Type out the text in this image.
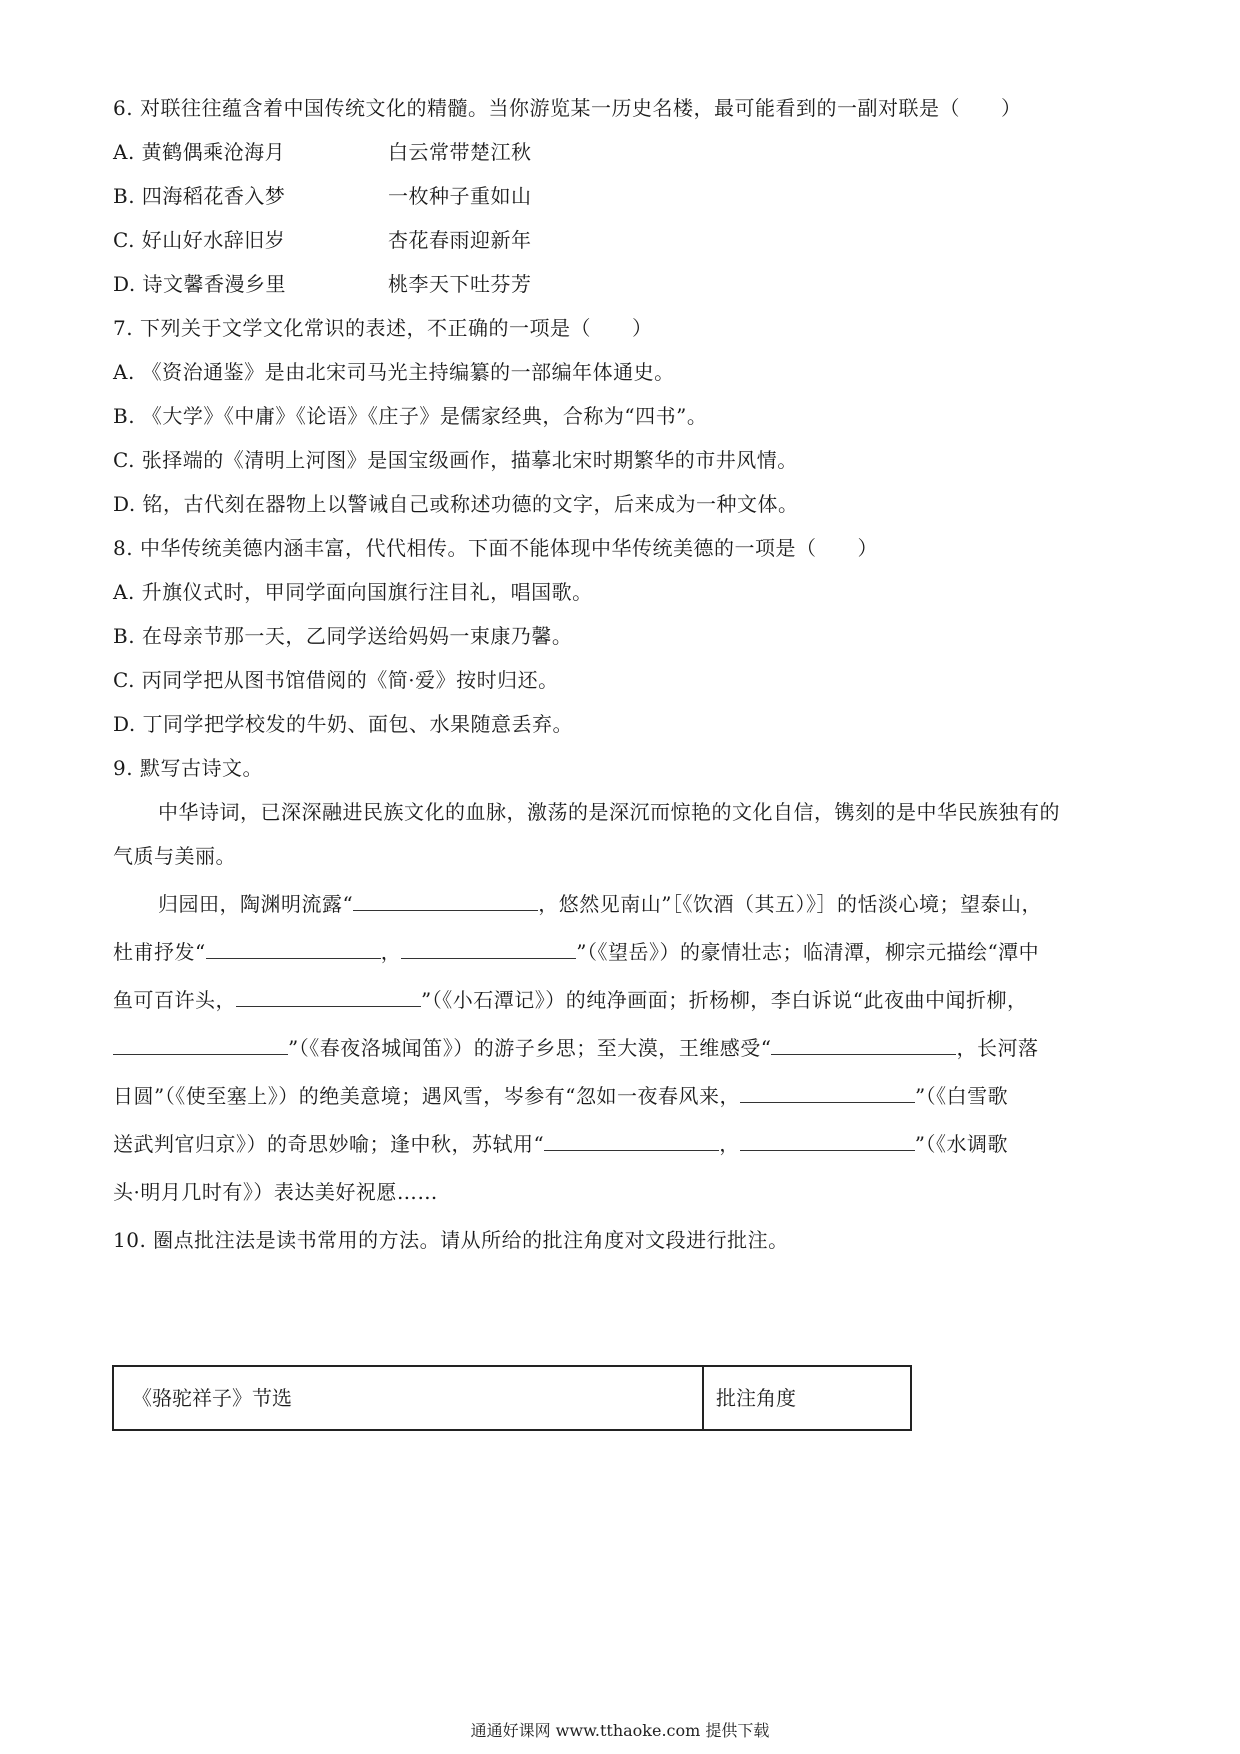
6. 对联往往蕴含着中国传统文化的精髓。当你游览某一历史名楼，最可能看到的一副对联是（　　）
A. 黄鹤偶乘沧海月	白云常带楚江秋
B. 四海稻花香入梦	一枚种子重如山
C. 好山好水辞旧岁	杏花春雨迎新年
D. 诗文馨香漫乡里	桃李天下吐芬芳
7. 下列关于文学文化常识的表述，不正确的一项是（　　）
A. 《资治通鉴》是由北宋司马光主持编纂的一部编年体通史。
B. 《大学》《中庸》《论语》《庄子》是儒家经典，合称为“四书”。
C. 张择端的《清明上河图》是国宝级画作，描摹北宋时期繁华的市井风情。
D. 铭，古代刻在器物上以警诫自己或称述功德的文字，后来成为一种文体。
8. 中华传统美德内涵丰富，代代相传。下面不能体现中华传统美德的一项是（　　）
A. 升旗仪式时，甲同学面向国旗行注目礼，唱国歌。
B. 在母亲节那一天，乙同学送给妈妈一束康乃馨。
C. 丙同学把从图书馆借阅的《简·爱》按时归还。
D. 丁同学把学校发的牛奶、面包、水果随意丢弃。
9. 默写古诗文。
中华诗词，已深深融进民族文化的血脉，激荡的是深沉而惊艳的文化自信，镌刻的是中华民族独有的
气质与美丽。
归园田，陶渊明流露“	，悠然见南山”［《饮酒（其五）》］的恬淡心境；望泰山，
杜甫抒发“	，	”（《望岳》）的豪情壮志；临清潭，柳宗元描绘“潭中
鱼可百许头，	”（《小石潭记》）的纯净画面；折杨柳，李白诉说“此夜曲中闻折柳，
”（《春夜洛城闻笛》）的游子乡思；至大漠，王维感受“	，长河落
日圆”（《使至塞上》）的绝美意境；遇风雪，岑参有“忽如一夜春风来，	”（《白雪歌
送武判官归京》）的奇思妙喻；逢中秋，苏轼用“	，	”（《水调歌
头·明月几时有》）表达美好祝愿……
10. 圈点批注法是读书常用的方法。请从所给的批注角度对文段进行批注。
《骆驼祥子》节选	批注角度
通通好课网 www.tthaoke.com 提供下载
